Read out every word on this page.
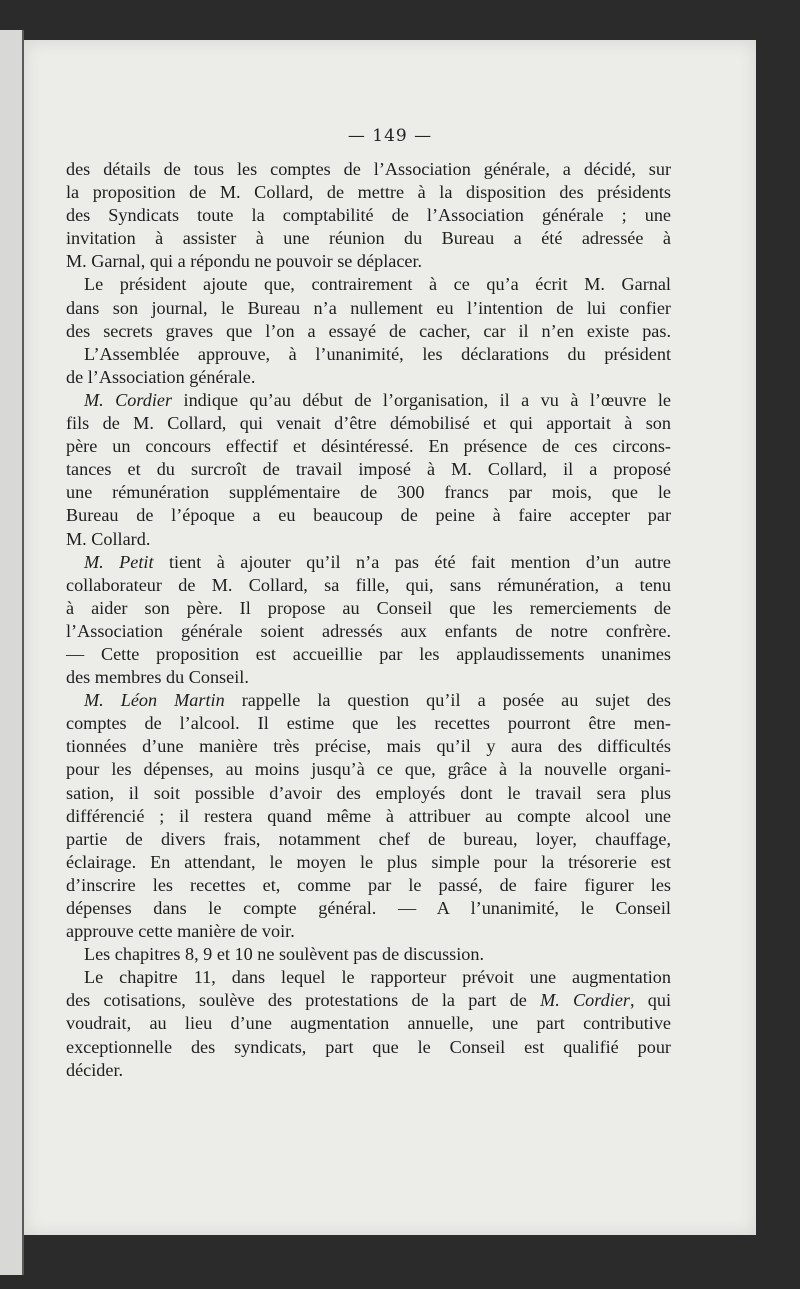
— 149 —
des détails de tous les comptes de l’Association générale, a décidé, sur
la proposition de M. Collard, de mettre à la disposition des présidents
des Syndicats toute la comptabilité de l’Association générale ; une
invitation à assister à une réunion du Bureau a été adressée à
M. Garnal, qui a répondu ne pouvoir se déplacer.
Le président ajoute que, contrairement à ce qu’a écrit M. Garnal
dans son journal, le Bureau n’a nullement eu l’intention de lui confier
des secrets graves que l’on a essayé de cacher, car il n’en existe pas.
L’Assemblée approuve, à l’unanimité, les déclarations du président
de l’Association générale.
M. Cordier indique qu’au début de l’organisation, il a vu à l’œuvre le
fils de M. Collard, qui venait d’être démobilisé et qui apportait à son
père un concours effectif et désintéressé. En présence de ces circons-
tances et du surcroît de travail imposé à M. Collard, il a proposé
une rémunération supplémentaire de 300 francs par mois, que le
Bureau de l’époque a eu beaucoup de peine à faire accepter par
M. Collard.
M. Petit tient à ajouter qu’il n’a pas été fait mention d’un autre
collaborateur de M. Collard, sa fille, qui, sans rémunération, a tenu
à aider son père. Il propose au Conseil que les remerciements de
l’Association générale soient adressés aux enfants de notre confrère.
— Cette proposition est accueillie par les applaudissements unanimes
des membres du Conseil.
M. Léon Martin rappelle la question qu’il a posée au sujet des
comptes de l’alcool. Il estime que les recettes pourront être men-
tionnées d’une manière très précise, mais qu’il y aura des difficultés
pour les dépenses, au moins jusqu’à ce que, grâce à la nouvelle organi-
sation, il soit possible d’avoir des employés dont le travail sera plus
différencié ; il restera quand même à attribuer au compte alcool une
partie de divers frais, notamment chef de bureau, loyer, chauffage,
éclairage. En attendant, le moyen le plus simple pour la trésorerie est
d’inscrire les recettes et, comme par le passé, de faire figurer les
dépenses dans le compte général. — A l’unanimité, le Conseil
approuve cette manière de voir.
Les chapitres 8, 9 et 10 ne soulèvent pas de discussion.
Le chapitre 11, dans lequel le rapporteur prévoit une augmentation
des cotisations, soulève des protestations de la part de M. Cordier, qui
voudrait, au lieu d’une augmentation annuelle, une part contributive
exceptionnelle des syndicats, part que le Conseil est qualifié pour
décider.
